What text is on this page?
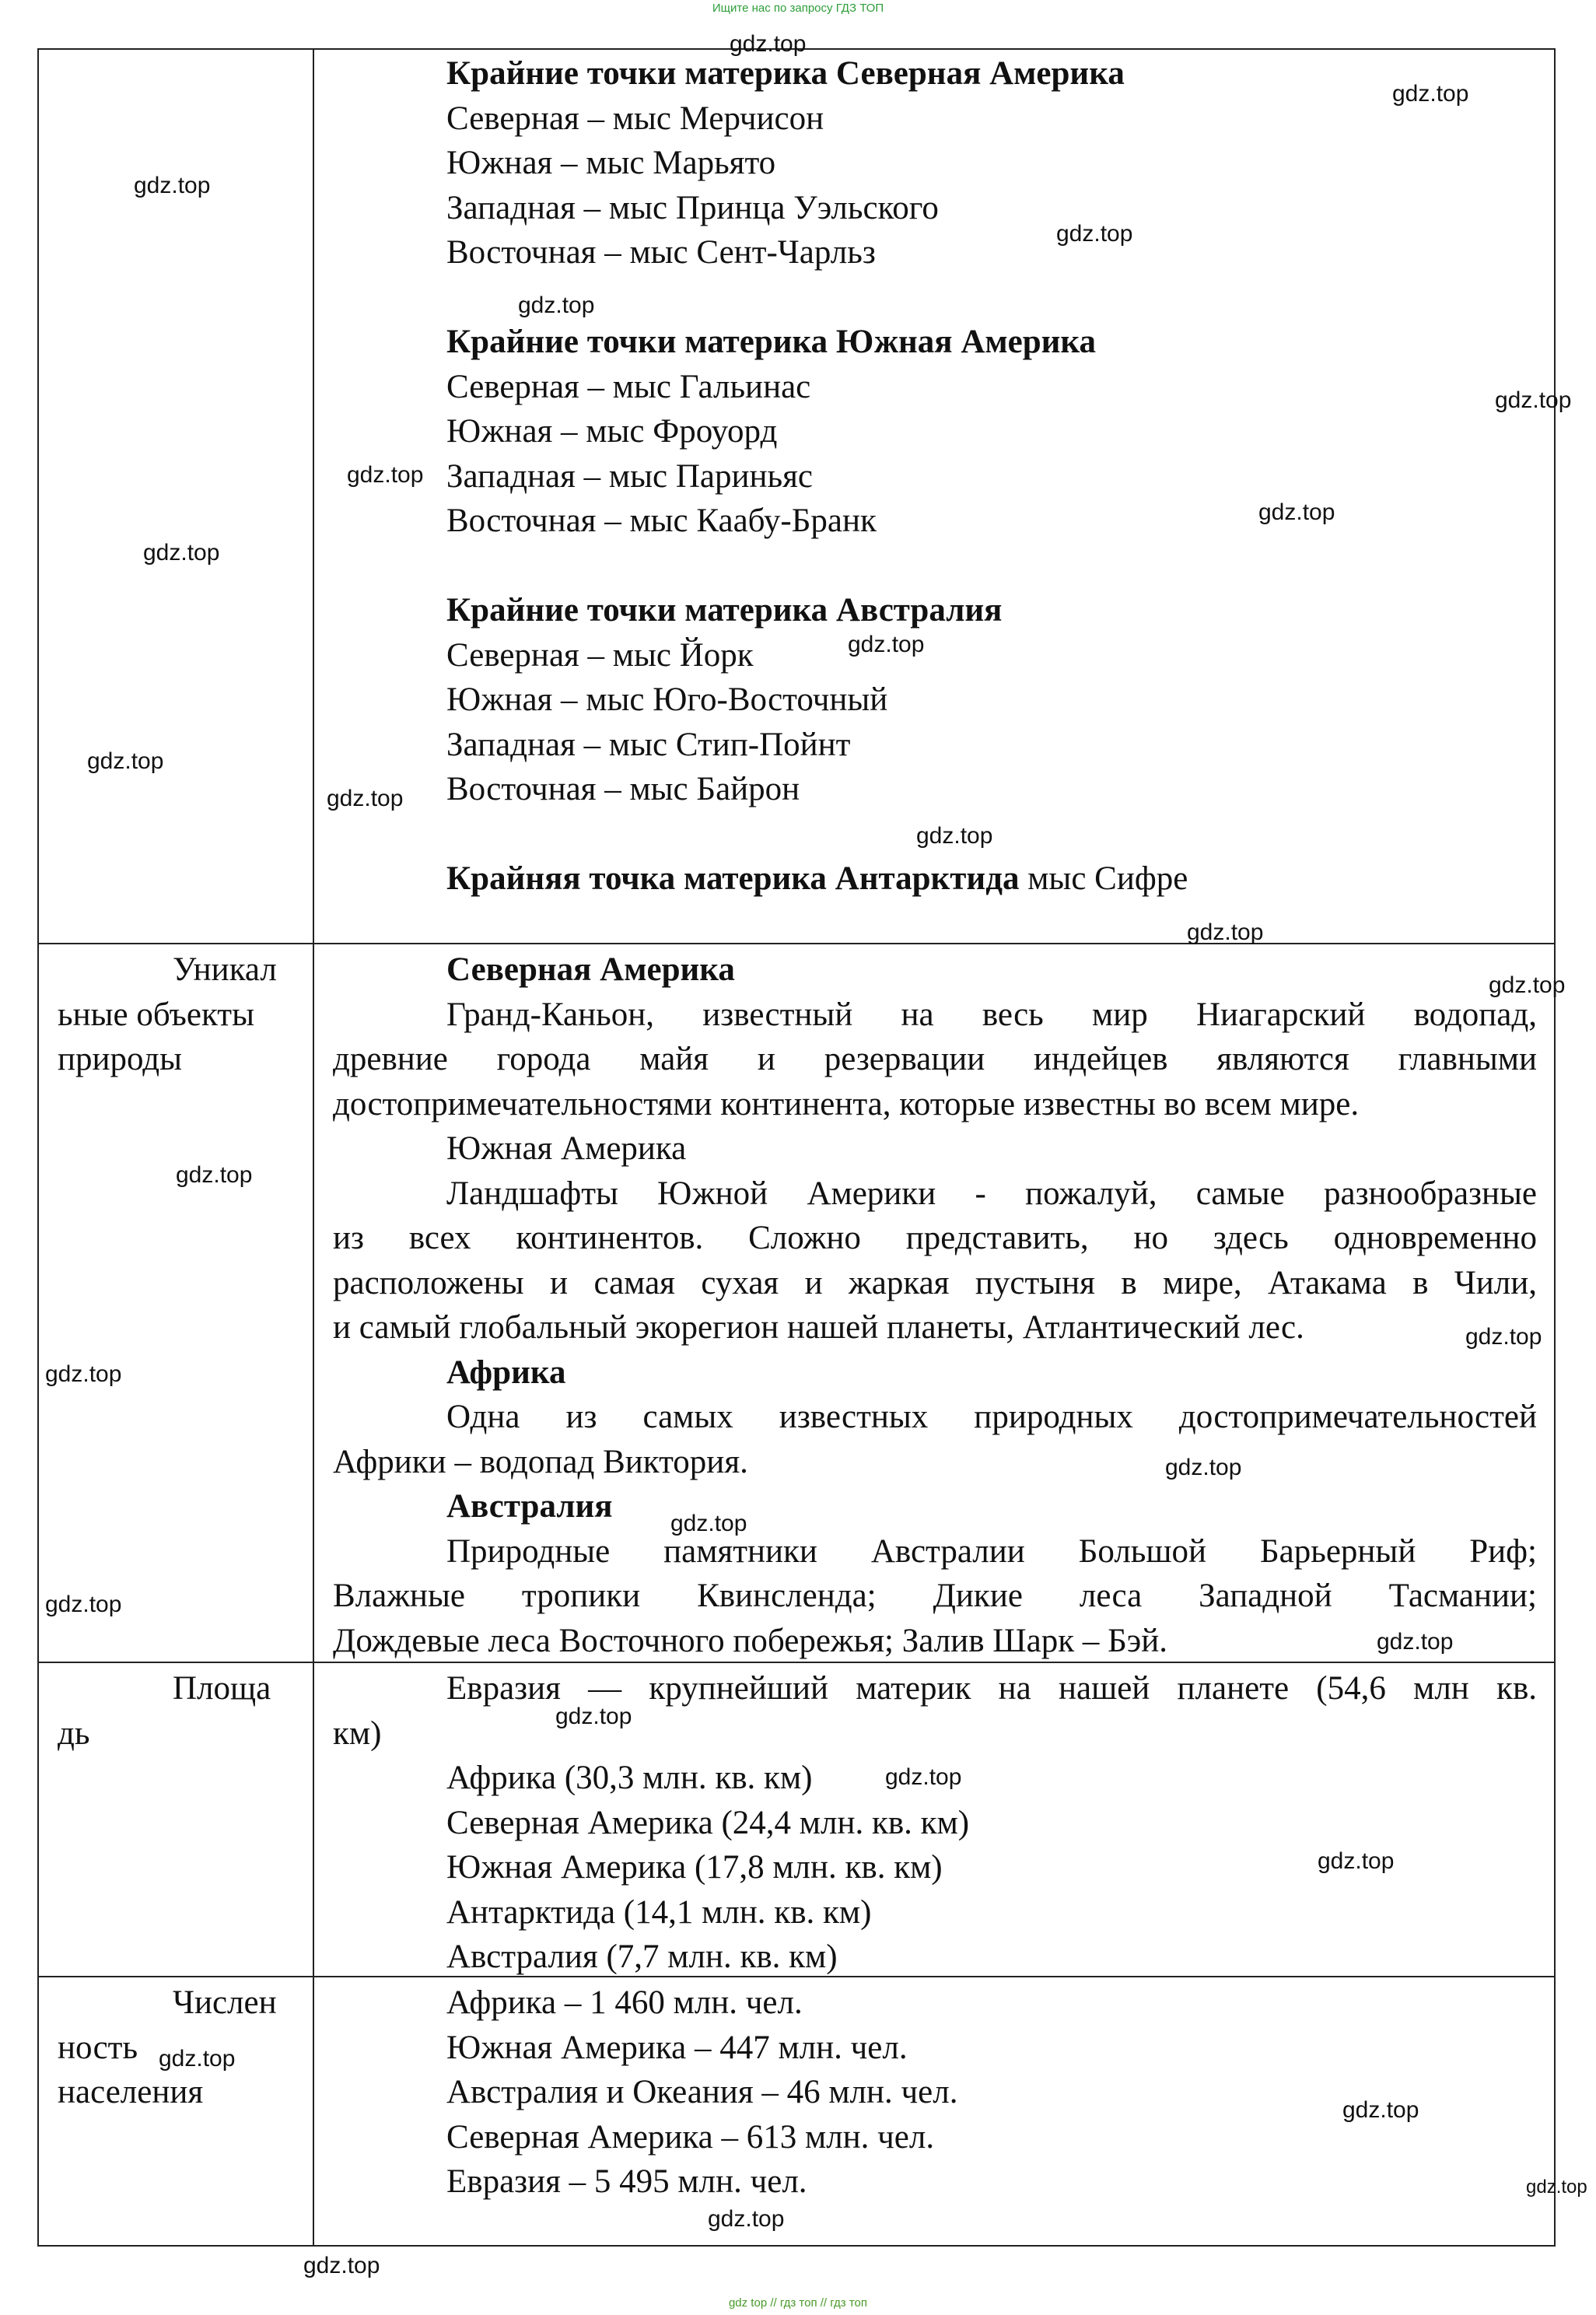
Ищите нас по запросу ГДЗ ТОП
Крайние точки материка Северная Америка
Северная – мыс Мерчисон
Южная – мыс Марьято
Западная – мыс Принца Уэльского
Восточная – мыс Сент-Чарльз
Крайние точки материка Южная Америка
Северная – мыс Гальинас
Южная – мыс Фроуорд
Западная – мыс Париньяс
Восточная – мыс Каабу-Бранк
Крайние точки материка Австралия
Северная – мыс Йорк
Южная – мыс Юго-Восточный
Западная – мыс Стип-Пойнт
Восточная – мыс Байрон
Крайняя точка материка Антарктида мыс Сифре
Уникал
ьные объекты
природы
Северная Америка
Гранд-Каньон, известный на весь мир Ниагарский водопад,
древние города майя и резервации индейцев являются главными
достопримечательностями континента, которые известны во всем мире.
Южная Америка
Ландшафты Южной Америки - пожалуй, самые разнообразные
из всех континентов. Сложно представить, но здесь одновременно
расположены и самая сухая и жаркая пустыня в мире, Атакама в Чили,
и самый глобальный экорегион нашей планеты, Атлантический лес.
Африка
Одна из самых известных природных достопримечательностей
Африки – водопад Виктория.
Австралия
Природные памятники Австралии Большой Барьерный Риф;
Влажные тропики Квинсленда; Дикие леса Западной Тасмании;
Дождевые леса Восточного побережья; Залив Шарк – Бэй.
Площа
дь
Евразия — крупнейший материк на нашей планете (54,6 млн кв.
км)
Африка (30,3 млн. кв. км)
Северная Америка (24,4 млн. кв. км)
Южная Америка (17,8 млн. кв. км)
Антарктида (14,1 млн. кв. км)
Австралия (7,7 млн. кв. км)
Числен
ность
населения
Африка – 1 460 млн. чел.
Южная Америка – 447 млн. чел.
Австралия и Океания – 46 млн. чел.
Северная Америка – 613 млн. чел.
Евразия – 5 495 млн. чел.
gdz.top
gdz.top
gdz.top
gdz.top
gdz.top
gdz.top
gdz.top
gdz.top
gdz.top
gdz.top
gdz.top
gdz.top
gdz.top
gdz.top
gdz.top
gdz.top
gdz.top
gdz.top
gdz.top
gdz.top
gdz.top
gdz.top
gdz.top
gdz.top
gdz.top
gdz.top
gdz.top
gdz.top
gdz.top
gdz.top
gdz top // гдз топ // гдз топ
